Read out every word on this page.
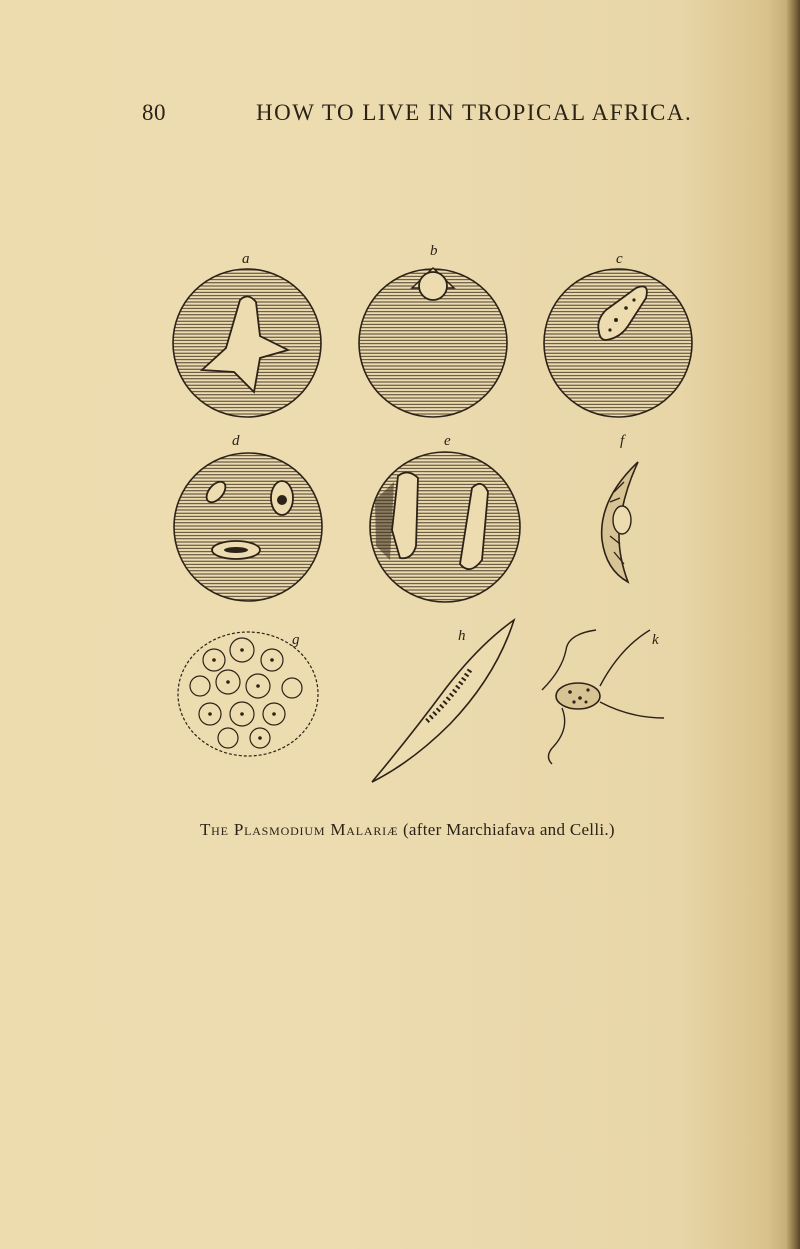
80	HOW TO LIVE IN TROPICAL AFRICA.
a	b	c
d	e	f
g	h	k
The Plasmodium Malariæ (after Marchiafava and Celli.)
